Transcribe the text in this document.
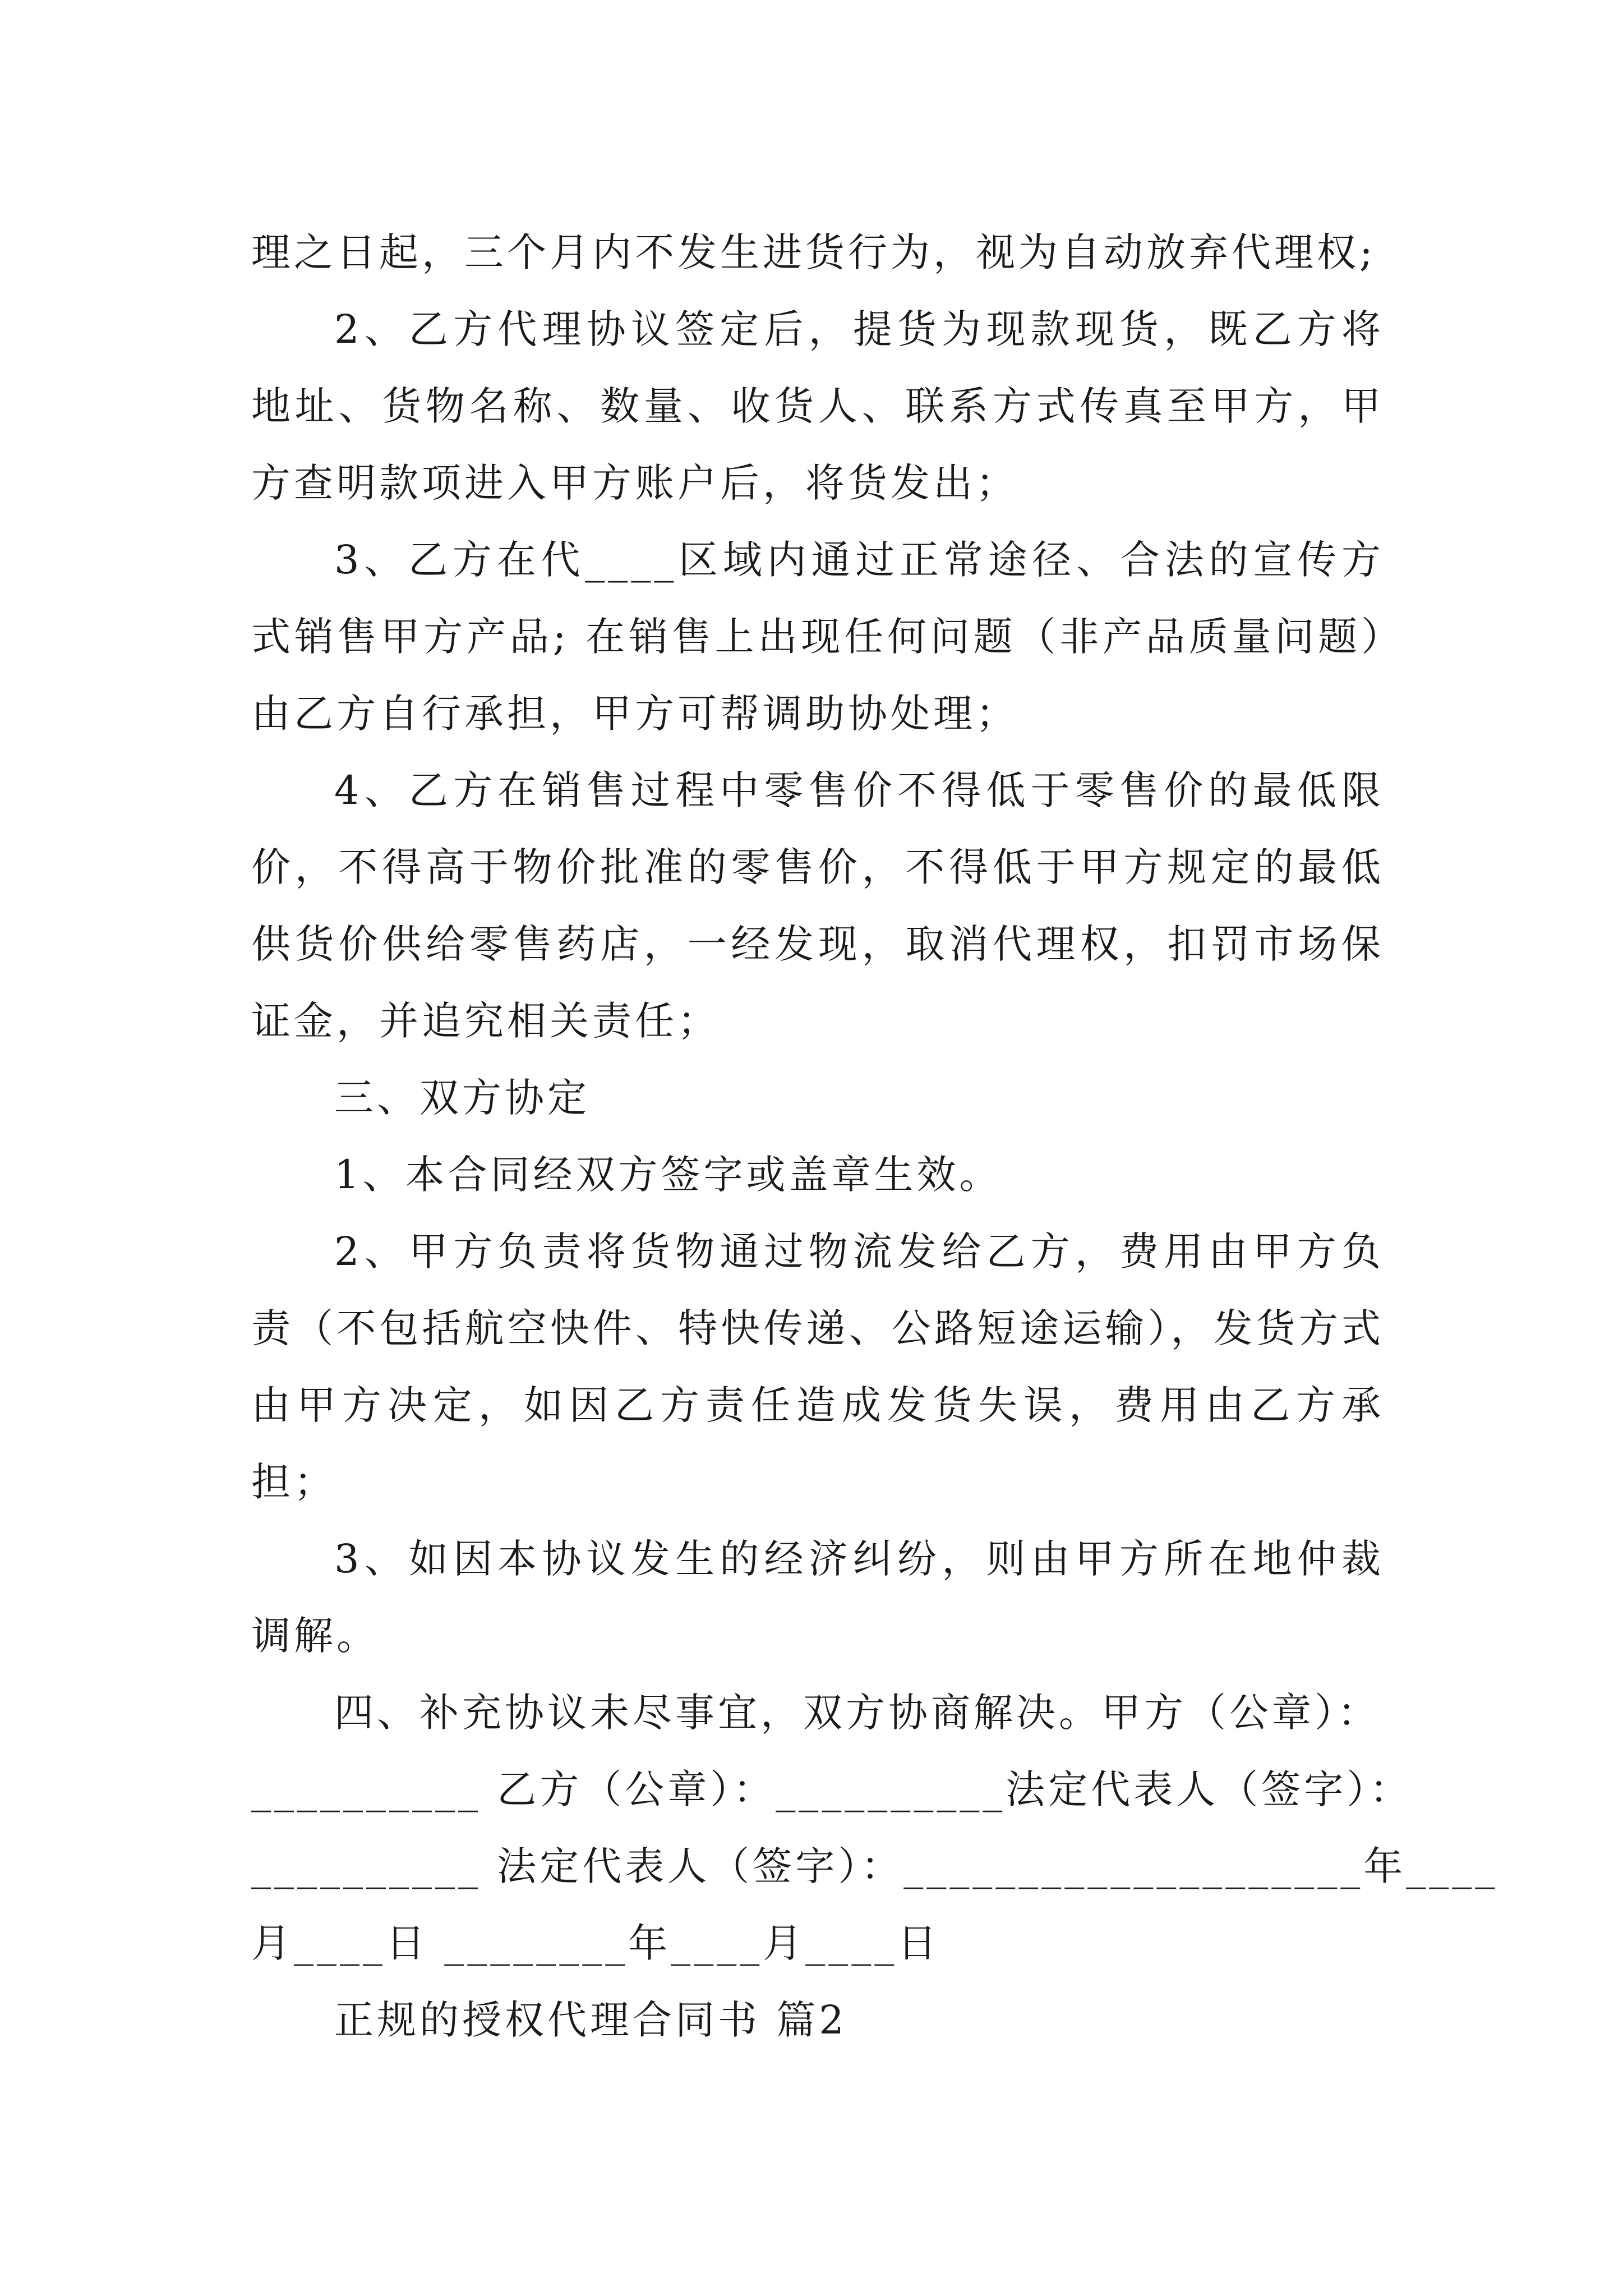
理之日起，三个月内不发生进货行为，视为自动放弃代理权;

2、乙方代理协议签定后，提货为现款现货，既乙方将地址、货物名称、数量、收货人、联系方式传真至甲方，甲方查明款项进入甲方账户后，将货发出；

3、乙方在代____区域内通过正常途径、合法的宣传方式销售甲方产品; 在销售上出现任何问题（非产品质量问题）由乙方自行承担，甲方可帮调助协处理；

4、乙方在销售过程中零售价不得低于零售价的最低限价，不得高于物价批准的零售价，不得低于甲方规定的最低供货价供给零售药店，一经发现，取消代理权，扣罚市场保证金，并追究相关责任；

三、双方协定

1、本合同经双方签字或盖章生效。

2、甲方负责将货物通过物流发给乙方，费用由甲方负责（不包括航空快件、特快传递、公路短途运输），发货方式由甲方决定，如因乙方责任造成发货失误，费用由乙方承担；

3、如因本协议发生的经济纠纷，则由甲方所在地仲裁调解。

四、补充协议未尽事宜，双方协商解决。甲方（公章）：
__________ 乙方（公章）：__________法定代表人（签字）：
__________ 法定代表人（签字）：____________________年____
月____日 ________年____月____日

正规的授权代理合同书 篇2
